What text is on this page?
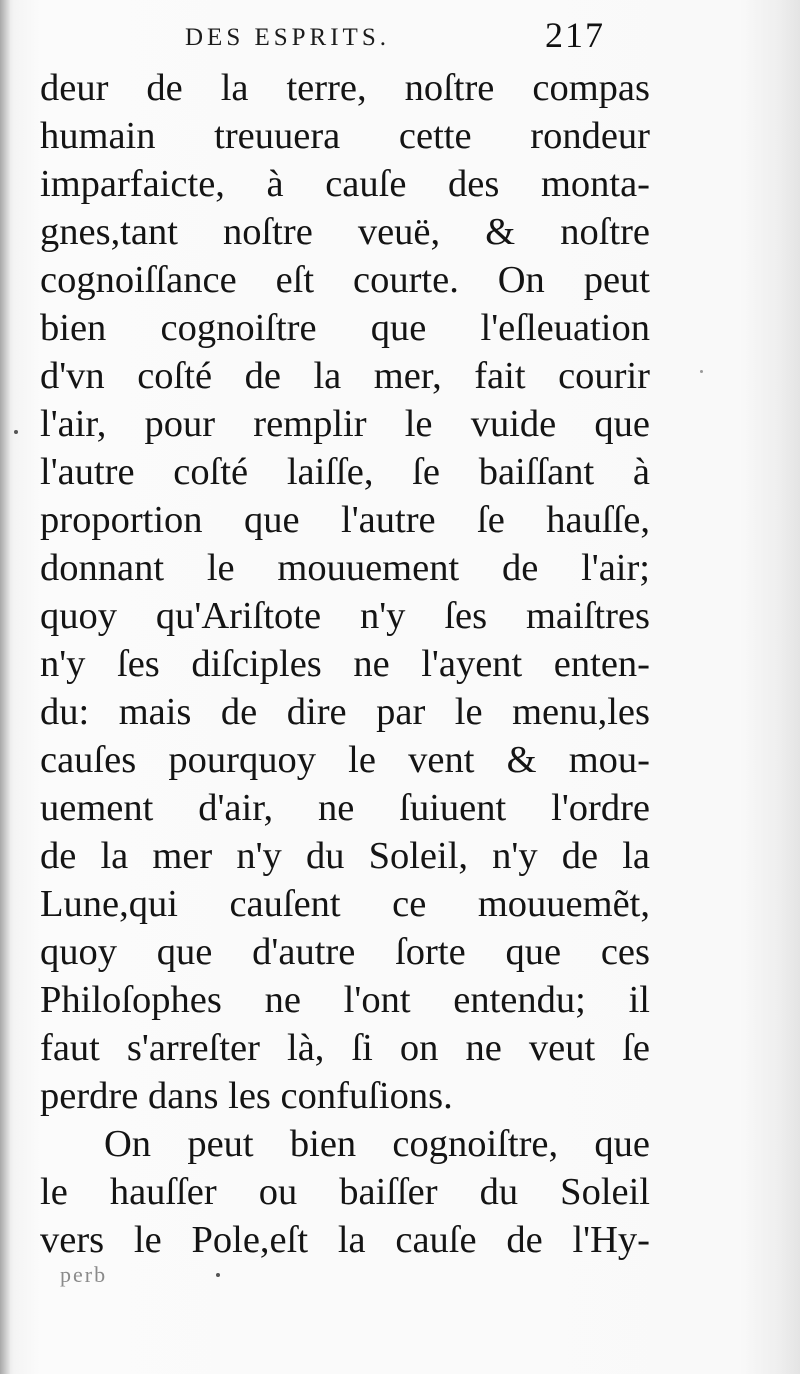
DES ESPRITS.	217
deur de la terre, noſtre compas
humain treuuera cette rondeur
imparfaicte, à cauſe des monta-
gnes,tant noſtre veuë, & noſtre
cognoiſſance eſt courte. On peut
bien cognoiſtre que l'eſleuation
d'vn coſté de la mer, fait courir
l'air, pour remplir le vuide que
l'autre coſté laiſſe, ſe baiſſant à
proportion que l'autre ſe hauſſe,
donnant le mouuement de l'air;
quoy qu'Ariſtote n'y ſes maiſtres
n'y ſes diſciples ne l'ayent enten-
du: mais de dire par le menu,les
cauſes pourquoy le vent & mou-
uement d'air, ne ſuiuent l'ordre
de la mer n'y du Soleil, n'y de la
Lune,qui cauſent ce mouuemẽt,
quoy que d'autre ſorte que ces
Philoſophes ne l'ont entendu; il
faut s'arreſter là, ſi on ne veut ſe
perdre dans les confuſions.
On peut bien cognoiſtre, que
le hauſſer ou baiſſer du Soleil
vers le Pole,eſt la cauſe de l'Hy-
perb
